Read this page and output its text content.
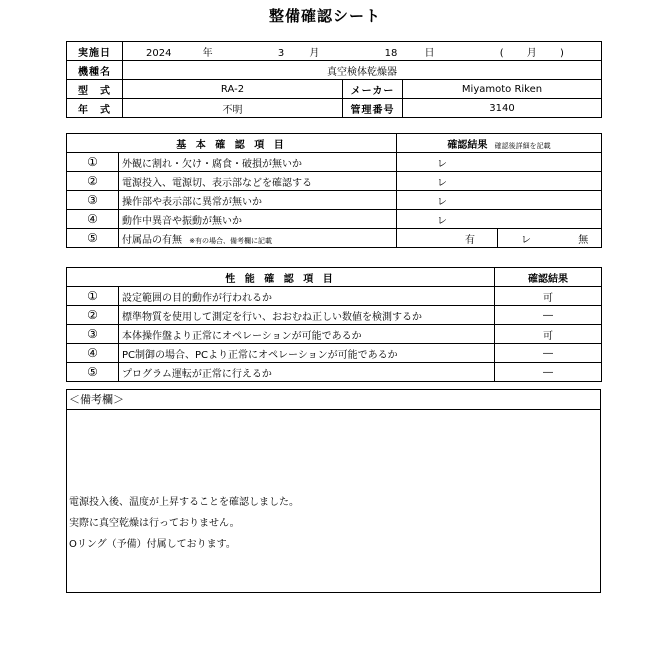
整備確認シート
実施日	2024 年 3 月 18 日 ( 月 )		
機種名	真空検体乾燥器		
型　式	RA-2	メーカー	Miyamoto Riken
年　式	不明	管理番号	3140
基 本 確 認 項 目		確認結果 確認後詳細を記載	
①	外観に割れ・欠け・腐食・破損が無いか	レ	
②	電源投入、電源切、表示部などを確認する	レ	
③	操作部や表示部に異常が無いか	レ	
④	動作中異音や振動が無いか	レ	
⑤	付属品の有無 ※有の場合、備考欄に記載	有	レ 無
性 能 確 認 項 目		確認結果
①	設定範囲の目的動作が行われるか	可
②	標準物質を使用して測定を行い、おおむね正しい数値を検測するか	―
③	本体操作盤より正常にオペレーションが可能であるか	可
④	PC制御の場合、PCより正常にオペレーションが可能であるか	―
⑤	プログラム運転が正常に行えるか	―
＜備考欄＞
電源投入後、温度が上昇することを確認しました。
実際に真空乾燥は行っておりません。
Oリング（予備）付属しております。
